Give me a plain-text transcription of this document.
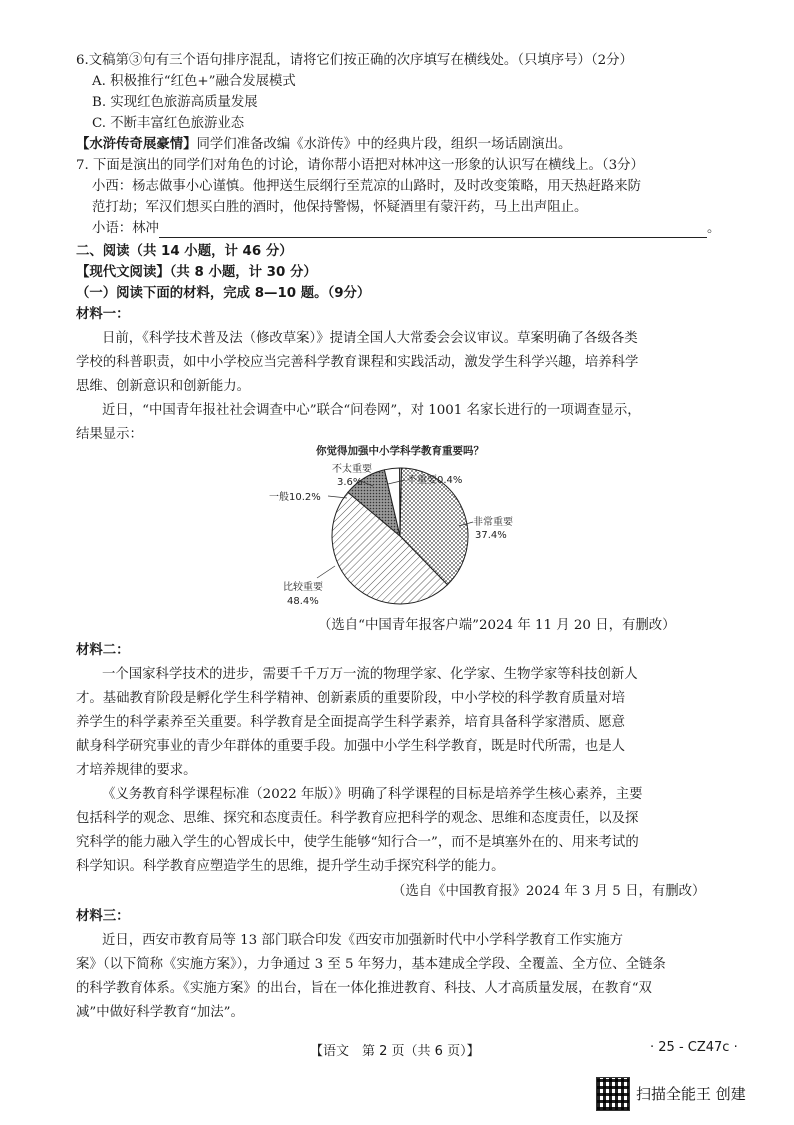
6.文稿第③句有三个语句排序混乱，请将它们按正确的次序填写在横线处。（只填序号）（2分）
A. 积极推行“红色+”融合发展模式
B. 实现红色旅游高质量发展
C. 不断丰富红色旅游业态
【水浒传奇展豪情】同学们准备改编《水浒传》中的经典片段，组织一场话剧演出。
7. 下面是演出的同学们对角色的讨论，请你帮小语把对林冲这一形象的认识写在横线上。（3分）
小西：杨志做事小心谨慎。他押送生辰纲行至荒凉的山路时，及时改变策略，用天热赶路来防
范打劫；军汉们想买白胜的酒时，他保持警惕，怀疑酒里有蒙汗药，马上出声阻止。
小语：林冲	。
二、阅读（共 14 小题，计 46 分）
【现代文阅读】（共 8 小题，计 30 分）
（一）阅读下面的材料，完成 8—10 题。（9分）
材料一：
日前，《科学技术普及法（修改草案）》提请全国人大常委会会议审议。草案明确了各级各类
学校的科普职责，如中小学校应当完善科学教育课程和实践活动，激发学生科学兴趣，培养科学
思维、创新意识和创新能力。
近日，“中国青年报社社会调查中心”联合“问卷网”，对 1001 名家长进行的一项调查显示，
结果显示：
你觉得加强中小学科学教育重要吗？
非常重要
37.4%
比较重要
48.4%
一般10.2%
不太重要
3.6%	不重要0.4%
（选自“中国青年报客户端”2024 年 11 月 20 日，有删改）
材料二：
一个国家科学技术的进步，需要千千万万一流的物理学家、化学家、生物学家等科技创新人
才。基础教育阶段是孵化学生科学精神、创新素质的重要阶段，中小学校的科学教育质量对培
养学生的科学素养至关重要。科学教育是全面提高学生科学素养，培育具备科学家潜质、愿意
献身科学研究事业的青少年群体的重要手段。加强中小学生科学教育，既是时代所需，也是人
才培养规律的要求。
《义务教育科学课程标准（2022 年版）》明确了科学课程的目标是培养学生核心素养，主要
包括科学的观念、思维、探究和态度责任。科学教育应把科学的观念、思维和态度责任，以及探
究科学的能力融入学生的心智成长中，使学生能够“知行合一”，而不是填塞外在的、用来考试的
科学知识。科学教育应塑造学生的思维，提升学生动手探究科学的能力。
（选自《中国教育报》2024 年 3 月 5 日，有删改）
材料三：
近日，西安市教育局等 13 部门联合印发《西安市加强新时代中小学科学教育工作实施方
案》（以下简称《实施方案》），力争通过 3 至 5 年努力，基本建成全学段、全覆盖、全方位、全链条
的科学教育体系。《实施方案》的出台，旨在一体化推进教育、科技、人才高质量发展，在教育“双
减”中做好科学教育“加法”。
【语文　第 2 页（共 6 页）】	· 25 - CZ47c ·
扫描全能王 创建
